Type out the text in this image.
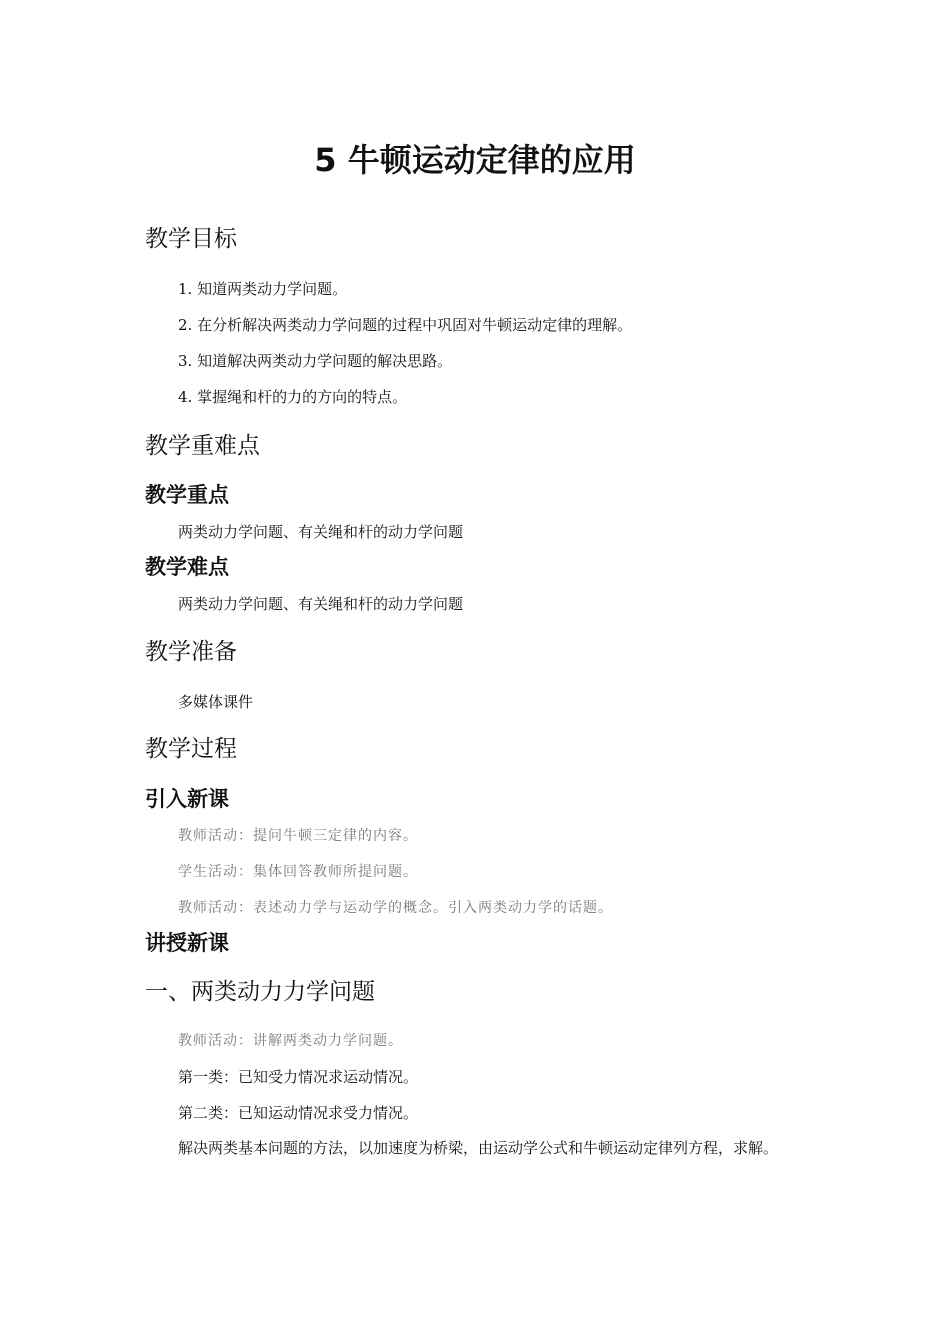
5 牛顿运动定律的应用
教学目标
1. 知道两类动力学问题。
2. 在分析解决两类动力学问题的过程中巩固对牛顿运动定律的理解。
3. 知道解决两类动力学问题的解决思路。
4. 掌握绳和杆的力的方向的特点。
教学重难点
教学重点
两类动力学问题、有关绳和杆的动力学问题
教学难点
两类动力学问题、有关绳和杆的动力学问题
教学准备
多媒体课件
教学过程
引入新课
教师活动：提问牛顿三定律的内容。
学生活动：集体回答教师所提问题。
教师活动：表述动力学与运动学的概念。引入两类动力学的话题。
讲授新课
一、两类动力力学问题
教师活动：讲解两类动力学问题。
第一类：已知受力情况求运动情况。
第二类：已知运动情况求受力情况。
解决两类基本问题的方法，以加速度为桥梁，由运动学公式和牛顿运动定律列方程，求解。
